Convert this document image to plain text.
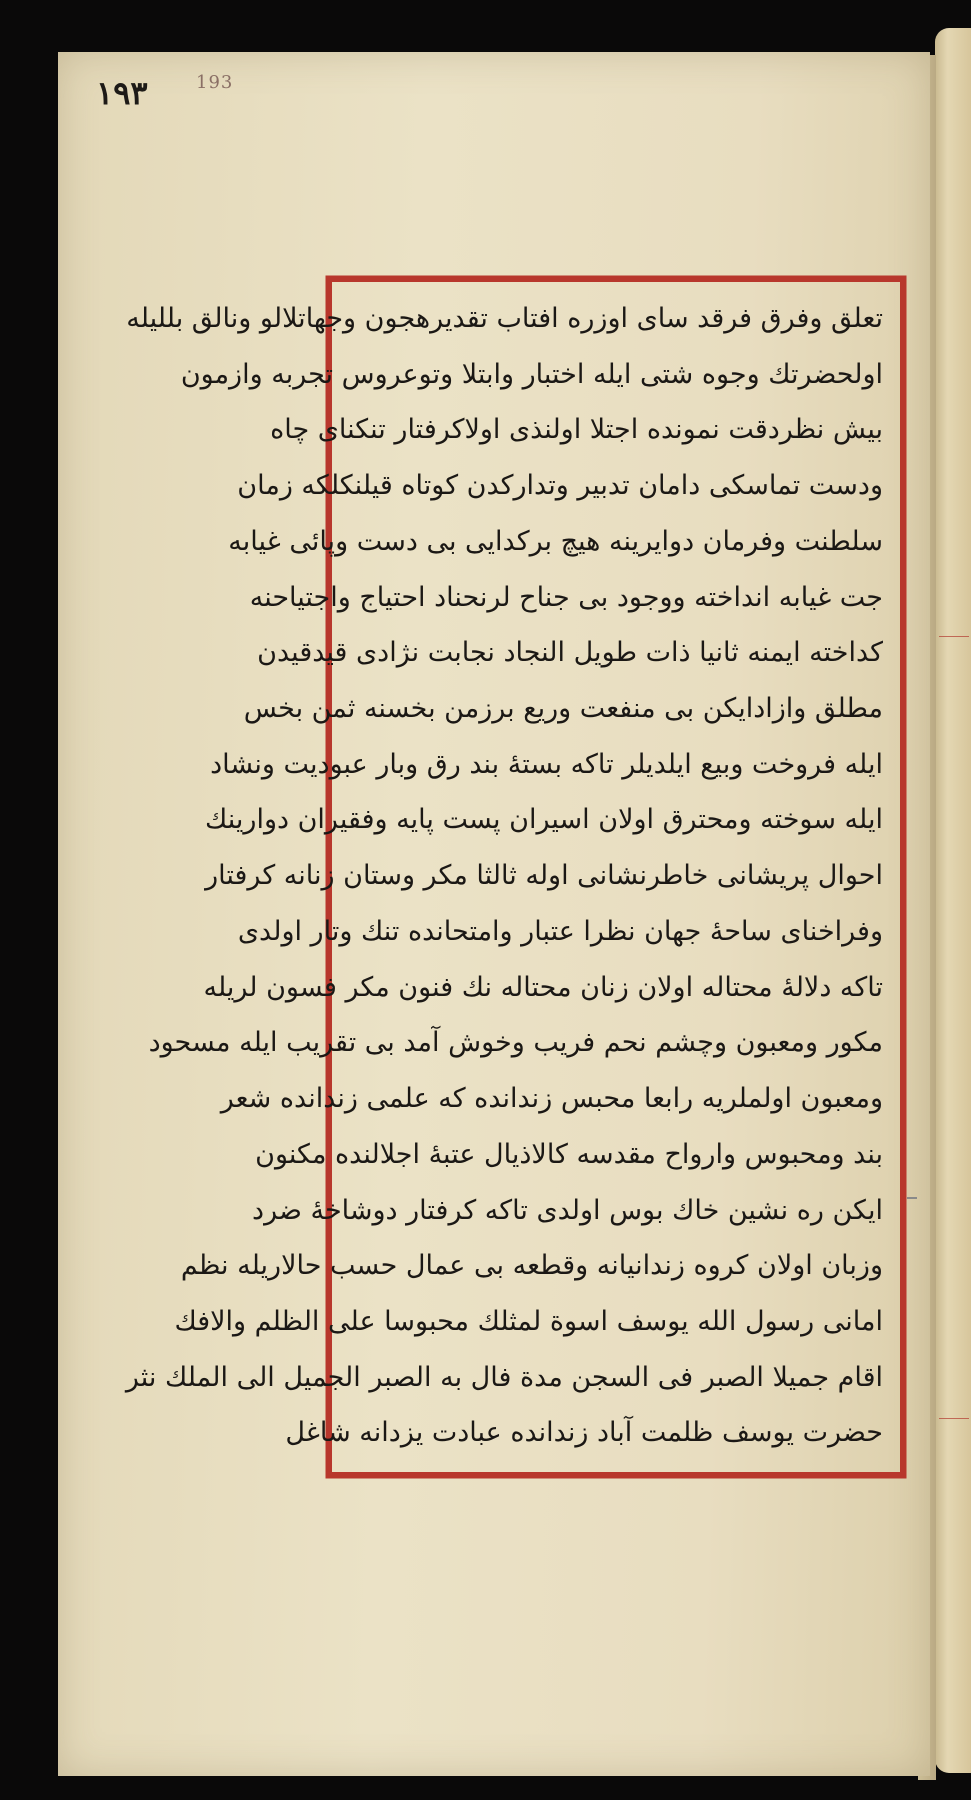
١٩٣	193
تعلق وفرق فرقد سای اوزره افتاب تقديرهجون وجهاتلالو ونالق بللیله
اولحضرتك وجوه شتى ايله اختبار وابتلا وتوعروس تجربه وازمون
بيش نظردقت نمونده اجتلا اولنذی اولاكرفتار تنكنای چاه
ودست تماسكی دامان تدبير وتداركدن كوتاه قيلنكلكه زمان
سلطنت وفرمان دوايرینه هيچ بركدایی بی دست وپائی غیابه
جت غيابه انداخته ووجود بی جناح لرنحناد احتياج واجتياحنه
كداخته ايمنه ثانيا ذات طويل النجاد نجابت نژادی قيدقيدن
مطلق وازادايكن بی منفعت وريع برزمن بخسنه ثمن بخس
ايله فروخت وبيع ايلديلر تاكه بستۀ بند رق وبار عبوديت ونشاد
ايله سوخته ومحترق اولان اسيران پست پایه وفقيران دوارينك
احوال پريشانی خاطرنشانی اوله ثالثا مكر وستان زنانه كرفتار
وفراخنای ساحۀ جهان نظرا عتبار وامتحانده تنك وتار اولدی
تاكه دلالۀ محتاله اولان زنان محتاله نك فنون مكر فسون لريله
مكور ومعبون وچشم نحم فريب وخوش آمد بی تقريب ايله مسحود
ومعبون اولملریه رابعا محبس زندانده كه علمی زندانده شعر
بند ومحبوس وارواح مقدسه كالاذيال عتبۀ اجلالنده مكنون
ايكن ره نشين خاك بوس اولدی تاكه كرفتار دوشاخۀ ضرد
وزبان اولان كروه زندانيانه وقطعه بی عمال حسب حالاريله نظم
امانی رسول الله يوسف اسوة لمثلك محبوسا على الظلم والافك
اقام جميلا الصبر فی السجن مدة فال به الصبر الجميل الى الملك نثر
حضرت يوسف ظلمت آباد زندانده عبادت يزدانه شاغل
